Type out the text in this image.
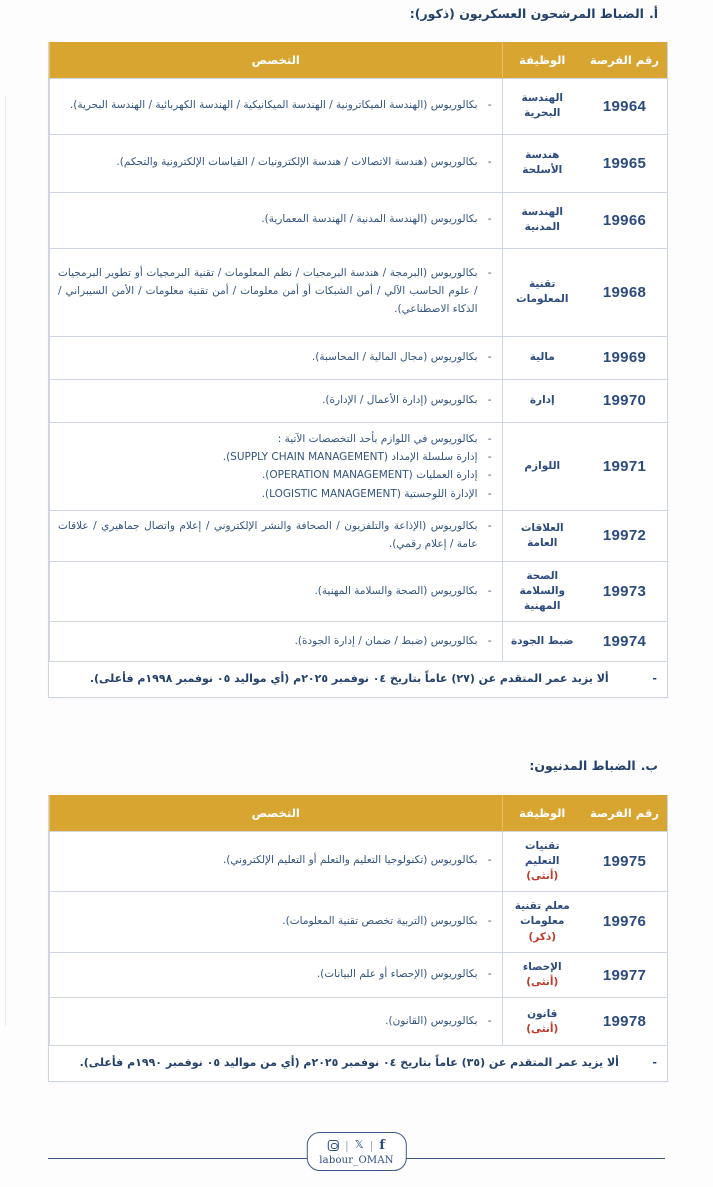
أ.الضباط المرشحون العسكريون (ذكور):
رقم الفرصة	الوظيفة	التخصص
19964	الهندسة البحرية	- بكالوريوس (الهندسة الميكاترونية / الهندسة الميكانيكية / الهندسة الكهربائية / الهندسة البحرية).

19965	هندسة الأسلحة	- بكالوريوس (هندسة الاتصالات / هندسة الإلكترونيات / القياسات الإلكترونية والتحكم).

19966	الهندسة المدنية	- بكالوريوس (الهندسة المدنية / الهندسة المعمارية).

19968	تقنية المعلومات	- بكالوريوس (البرمجة / هندسة البرمجيات / نظم المعلومات / تقنية البرمجيات أو تطوير البرمجيات / علوم الحاسب الآلي / أمن الشبكات أو أمن معلومات / أمن تقنية معلومات / الأمن السيبراني / الذكاء الاصطناعي).

19969	مالية	- بكالوريوس (مجال المالية / المحاسبة).

19970	إدارة	- بكالوريوس (إدارة الأعمال / الإدارة).

19971	اللوازم	
- بكالوريوس في اللوازم بأحد التخصصات الآتية :
- إدارة سلسلة الإمداد (SUPPLY CHAIN MANAGEMENT).
- إدارة العمليات (OPERATION MANAGEMENT).
- الإدارة اللوجستية (LOGISTIC MANAGEMENT).

19972	العلاقات العامة	- بكالوريوس (الإذاعة والتلفزيون / الصحافة والنشر الإلكتروني / إعلام واتصال جماهيري / علاقات عامة / إعلام رقمي).

19973	الصحة والسلامة المهنية	- بكالوريوس (الصحة والسلامة المهنية).

19974	ضبط الجودة	- بكالوريوس (ضبط / ضمان / إدارة الجودة).

- ألا يزيد عمر المتقدم عن (٢٧) عاماً بتاريخ ٠٤ نوفمبر ٢٠٢٥م (أي مواليد ٠٥ نوفمبر ١٩٩٨م فأعلى).
ب.الضباط المدنيون:
رقم الفرصة	الوظيفة	التخصص
19975	تقنيات التعليم
(أنثى)	- بكالوريوس (تكنولوجيا التعليم والتعلم أو التعليم الإلكتروني).

19976	معلم تقنية معلومات
(ذكر)	- بكالوريوس (التربية تخصص تقنية المعلومات).

19977	الإحصاء
(أنثى)	- بكالوريوس (الإحصاء أو علم البيانات).

19978	قانون
(أنثى)	- بكالوريوس (القانون).

- ألا يزيد عمر المتقدم عن (٣٥) عاماً بتاريخ ٠٤ نوفمبر ٢٠٢٥م (أي من مواليد ٠٥ نوفمبر ١٩٩٠م فأعلى).
f
|
𝕏
|
labour_OMAN
